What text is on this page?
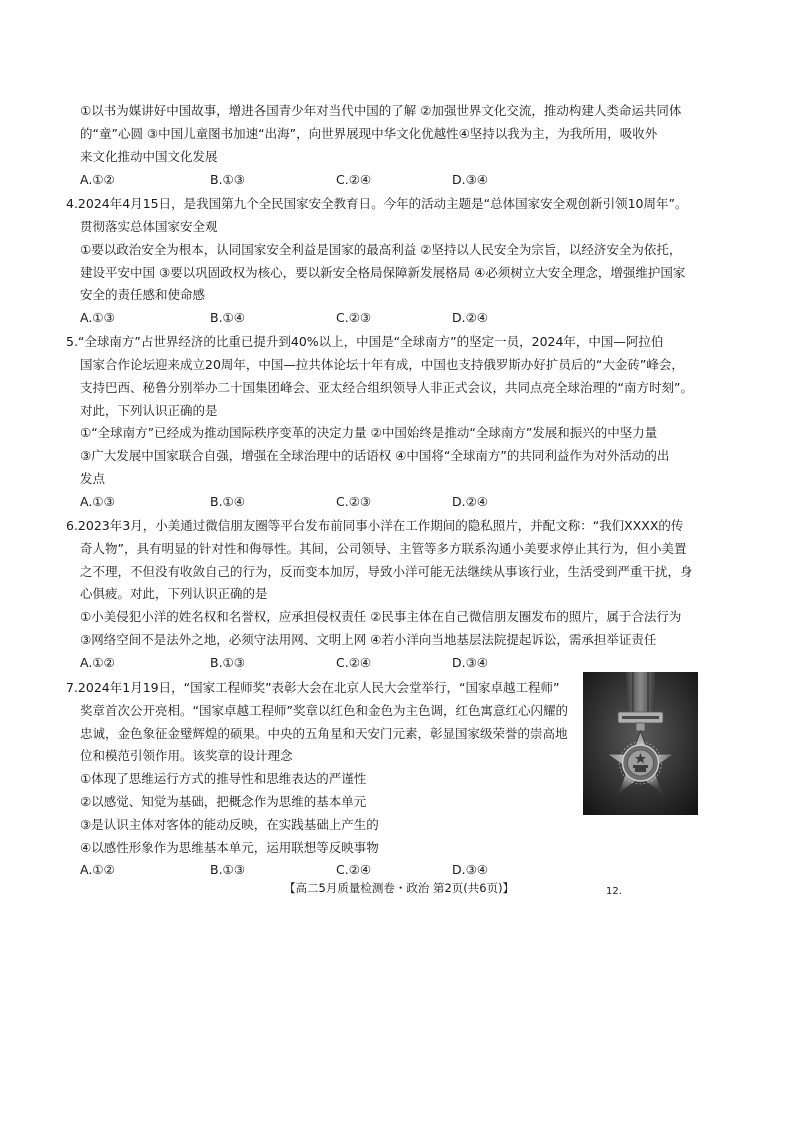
①以书为媒讲好中国故事，增进各国青少年对当代中国的了解 ②加强世界文化交流，推动构建人类命运共同体
的“童”心圆 ③中国儿童图书加速“出海”，向世界展现中华文化优越性④坚持以我为主，为我所用，吸收外
来文化推动中国文化发展
A.①②	B.①③	C.②④	D.③④
4.2024年4月15日，是我国第九个全民国家安全教育日。今年的活动主题是“总体国家安全观创新引领10周年”。
贯彻落实总体国家安全观
①要以政治安全为根本，认同国家安全利益是国家的最高利益 ②坚持以人民安全为宗旨，以经济安全为依托，
建设平安中国 ③要以巩固政权为核心，要以新安全格局保障新发展格局 ④必须树立大安全理念，增强维护国家
安全的责任感和使命感
A.①③	B.①④	C.②③	D.②④
5.“全球南方”占世界经济的比重已提升到40%以上，中国是“全球南方”的坚定一员，2024年，中国—阿拉伯
国家合作论坛迎来成立20周年，中国—拉共体论坛十年有成，中国也支持俄罗斯办好扩员后的“大金砖”峰会，
支持巴西、秘鲁分别举办二十国集团峰会、亚太经合组织领导人非正式会议，共同点亮全球治理的“南方时刻”。
对此，下列认识正确的是
①“全球南方”已经成为推动国际秩序变革的决定力量 ②中国始终是推动“全球南方”发展和振兴的中坚力量
③广大发展中国家联合自强，增强在全球治理中的话语权 ④中国将“全球南方”的共同利益作为对外活动的出
发点
A.①③	B.①④	C.②③	D.②④
6.2023年3月，小美通过微信朋友圈等平台发布前同事小洋在工作期间的隐私照片，并配文称：“我们XXXX的传
奇人物”，具有明显的针对性和侮辱性。其间，公司领导、主管等多方联系沟通小美要求停止其行为，但小美置
之不理，不但没有收敛自己的行为，反而变本加厉，导致小洋可能无法继续从事该行业，生活受到严重干扰，身
心俱疲。对此，下列认识正确的是
①小美侵犯小洋的姓名权和名誉权，应承担侵权责任 ②民事主体在自己微信朋友圈发布的照片，属于合法行为
③网络空间不是法外之地，必须守法用网、文明上网 ④若小洋向当地基层法院提起诉讼，需承担举证责任
A.①②	B.①③	C.②④	D.③④
7.2024年1月19日，“国家工程师奖”表彰大会在北京人民大会堂举行，“国家卓越工程师”
奖章首次公开亮相。“国家卓越工程师”奖章以红色和金色为主色调，红色寓意红心闪耀的
忠诚，金色象征金璧辉煌的硕果。中央的五角星和天安门元素，彰显国家级荣誉的崇高地
位和模范引领作用。该奖章的设计理念
①体现了思维运行方式的推导性和思维表达的严谨性
②以感觉、知觉为基础，把概念作为思维的基本单元
③是认识主体对客体的能动反映，在实践基础上产生的
④以感性形象作为思维基本单元，运用联想等反映事物
A.①②	B.①③	C.②④	D.③④
【高二5月质量检测卷・政治 第2页(共6页)】	12.
